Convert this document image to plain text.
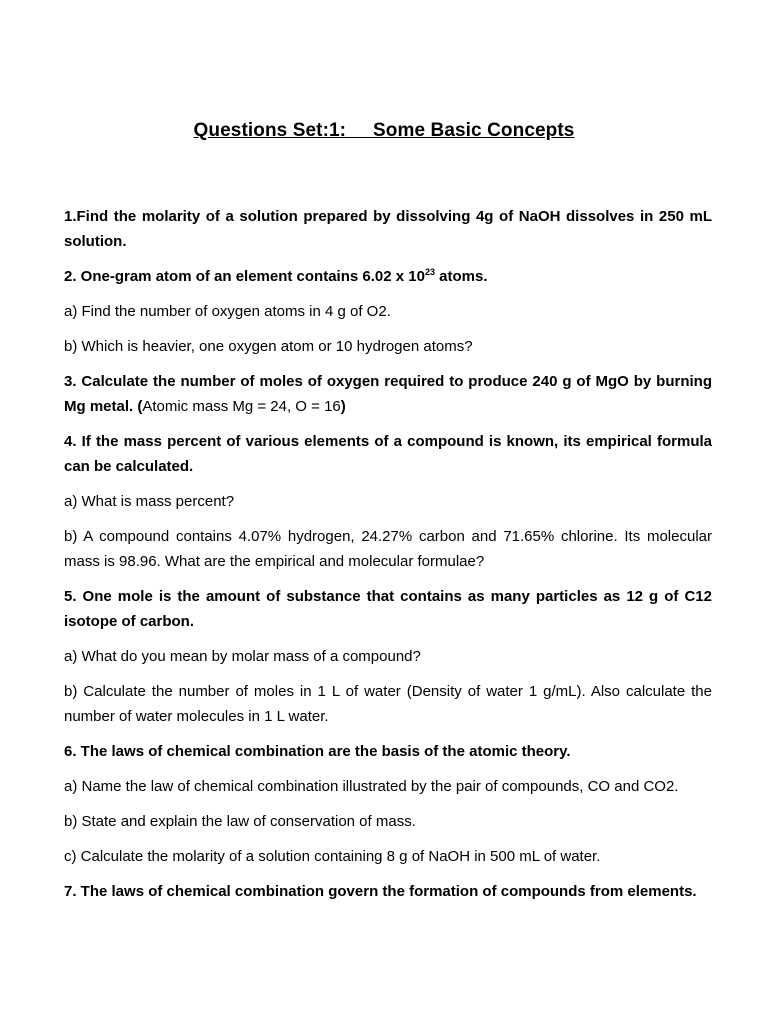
Questions Set:1:     Some Basic Concepts

1.Find the molarity of a solution prepared by dissolving 4g of NaOH dissolves in 250 mL solution.

2. One-gram atom of an element contains 6.02 x $10^{23}$ atoms.

a) Find the number of oxygen atoms in 4 g of O2.

b) Which is heavier, one oxygen atom or 10 hydrogen atoms?

3. Calculate the number of moles of oxygen required to produce 240 g of MgO by burning Mg metal. (Atomic mass Mg = 24, O = 16)

4. If the mass percent of various elements of a compound is known, its empirical formula can be calculated.

a) What is mass percent?

b) A compound contains 4.07% hydrogen, 24.27% carbon and 71.65% chlorine. Its molecular mass is 98.96. What are the empirical and molecular formulae?

5. One mole is the amount of substance that contains as many particles as 12 g of C12 isotope of carbon.

a) What do you mean by molar mass of a compound?

b) Calculate the number of moles in 1 L of water (Density of water 1 g/mL). Also calculate the number of water molecules in 1 L water.

6. The laws of chemical combination are the basis of the atomic theory.

a) Name the law of chemical combination illustrated by the pair of compounds, CO and CO2.

b) State and explain the law of conservation of mass.

c) Calculate the molarity of a solution containing 8 g of NaOH in 500 mL of water.

7. The laws of chemical combination govern the formation of compounds from elements.
